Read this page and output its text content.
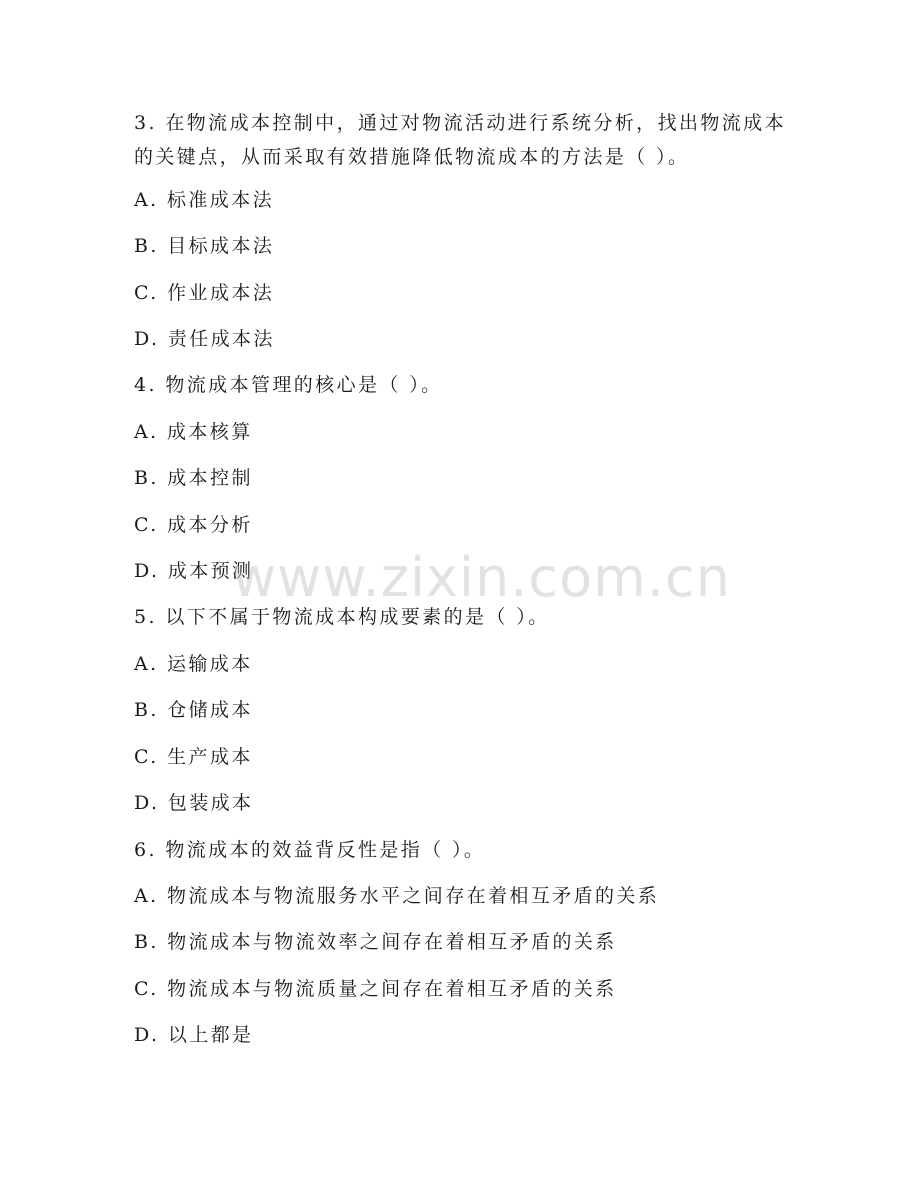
3. 在物流成本控制中，通过对物流活动进行系统分析，找出物流成本
的关键点，从而采取有效措施降低物流成本的方法是（ ）。
A. 标准成本法
B. 目标成本法
C. 作业成本法
D. 责任成本法
4. 物流成本管理的核心是（ ）。
A. 成本核算
B. 成本控制
C. 成本分析
D. 成本预测
5. 以下不属于物流成本构成要素的是（ ）。
A. 运输成本
B. 仓储成本
C. 生产成本
D. 包装成本
6. 物流成本的效益背反性是指（ ）。
A. 物流成本与物流服务水平之间存在着相互矛盾的关系
B. 物流成本与物流效率之间存在着相互矛盾的关系
C. 物流成本与物流质量之间存在着相互矛盾的关系
D. 以上都是
www.zixin.com.cn
